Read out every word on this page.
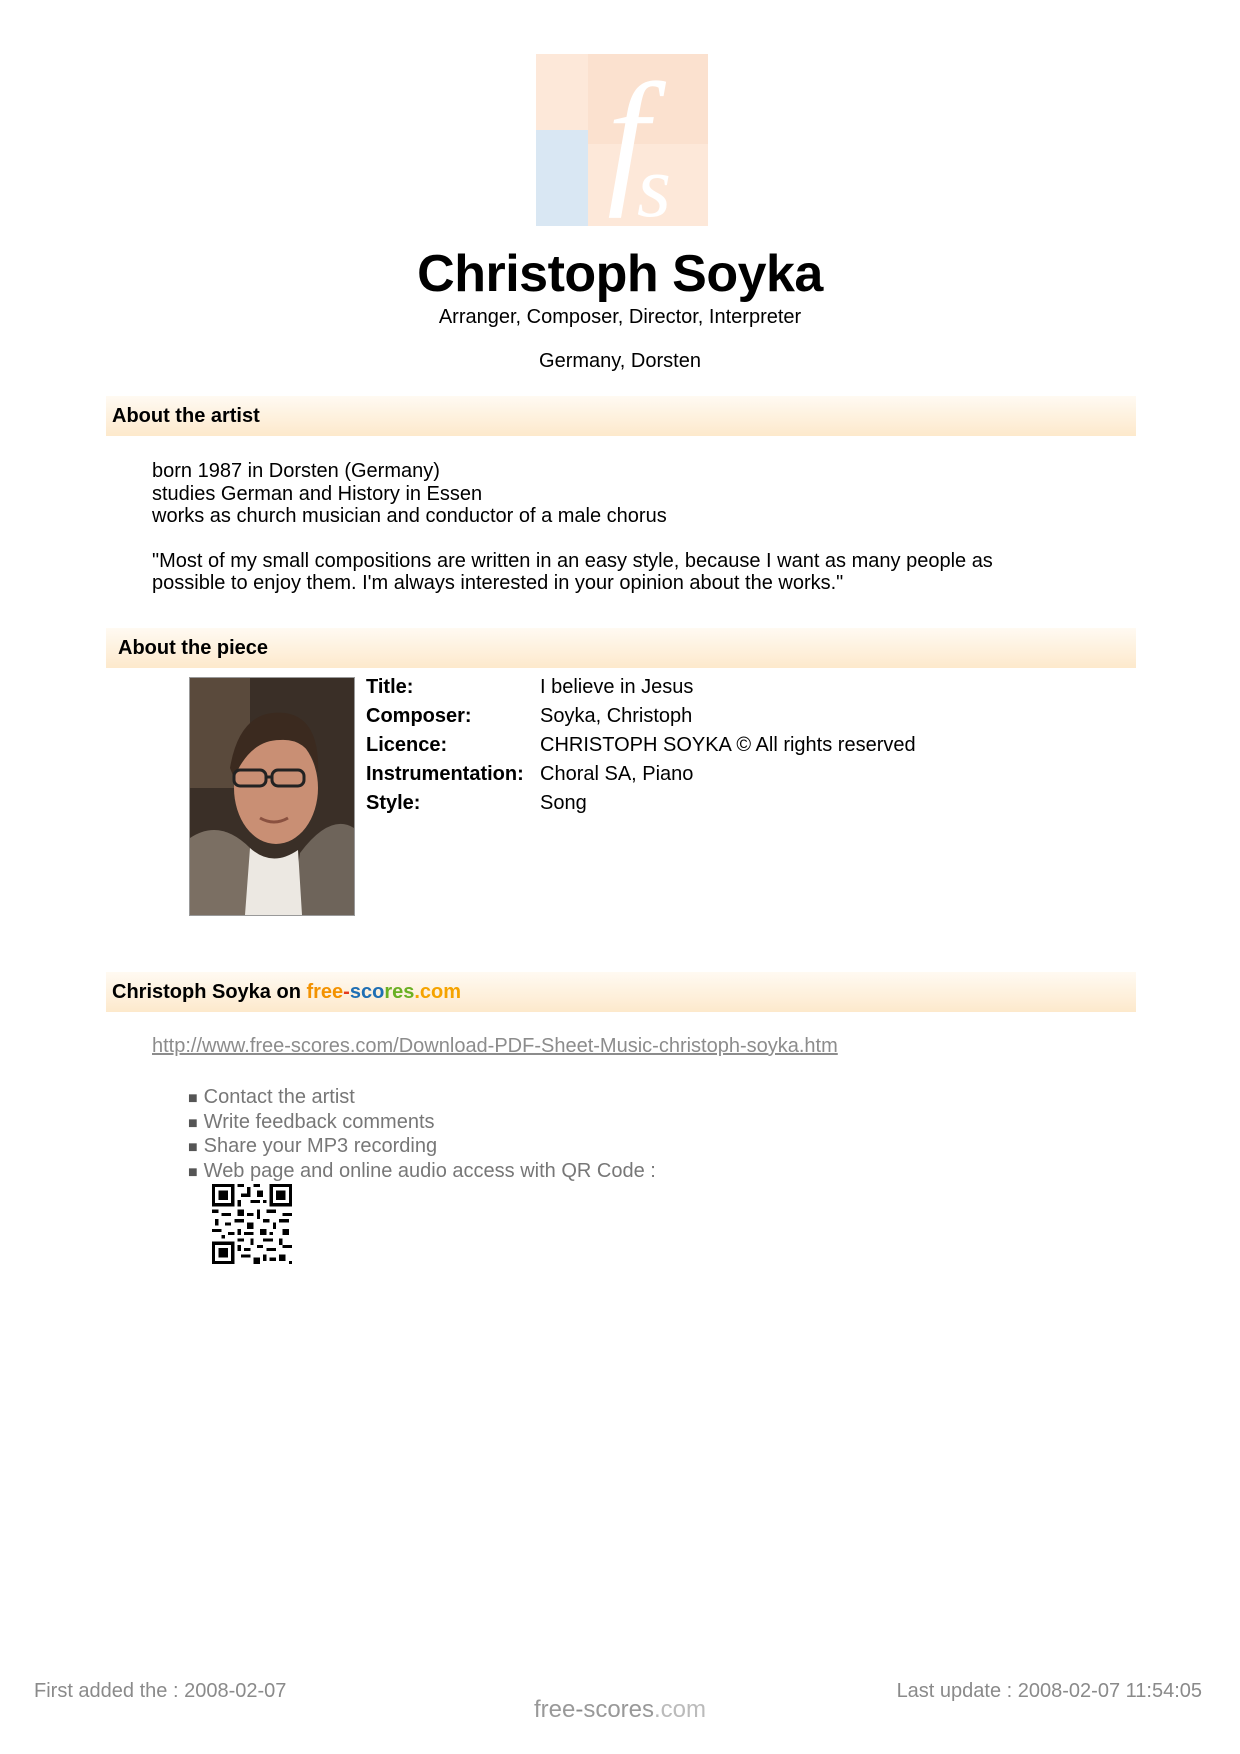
f
s
Christoph Soyka
Arranger, Composer, Director, Interpreter
Germany, Dorsten
About the artist

born 1987 in Dorsten (Germany)

studies German and History in Essen

works as church musician and conductor of a male chorus

"Most of my small compositions are written in an easy style, because I want as many people as possible to enjoy them. I'm always interested in your opinion about the works."

About the piece
Title:	I believe in Jesus
Composer:	Soyka, Christoph
Licence:	CHRISTOPH SOYKA © All rights reserved
Instrumentation: Choral SA, Piano
Style:	Song
Christoph Soyka on free-scores.com
http://www.free-scores.com/Download-PDF-Sheet-Music-christoph-soyka.htm
■ Contact the artist
■ Write feedback comments
■ Share your MP3 recording
■ Web page and online audio access with QR Code :
First added the : 2008-02-07	Last update : 2008-02-07 11:54:05
free-scores.com
